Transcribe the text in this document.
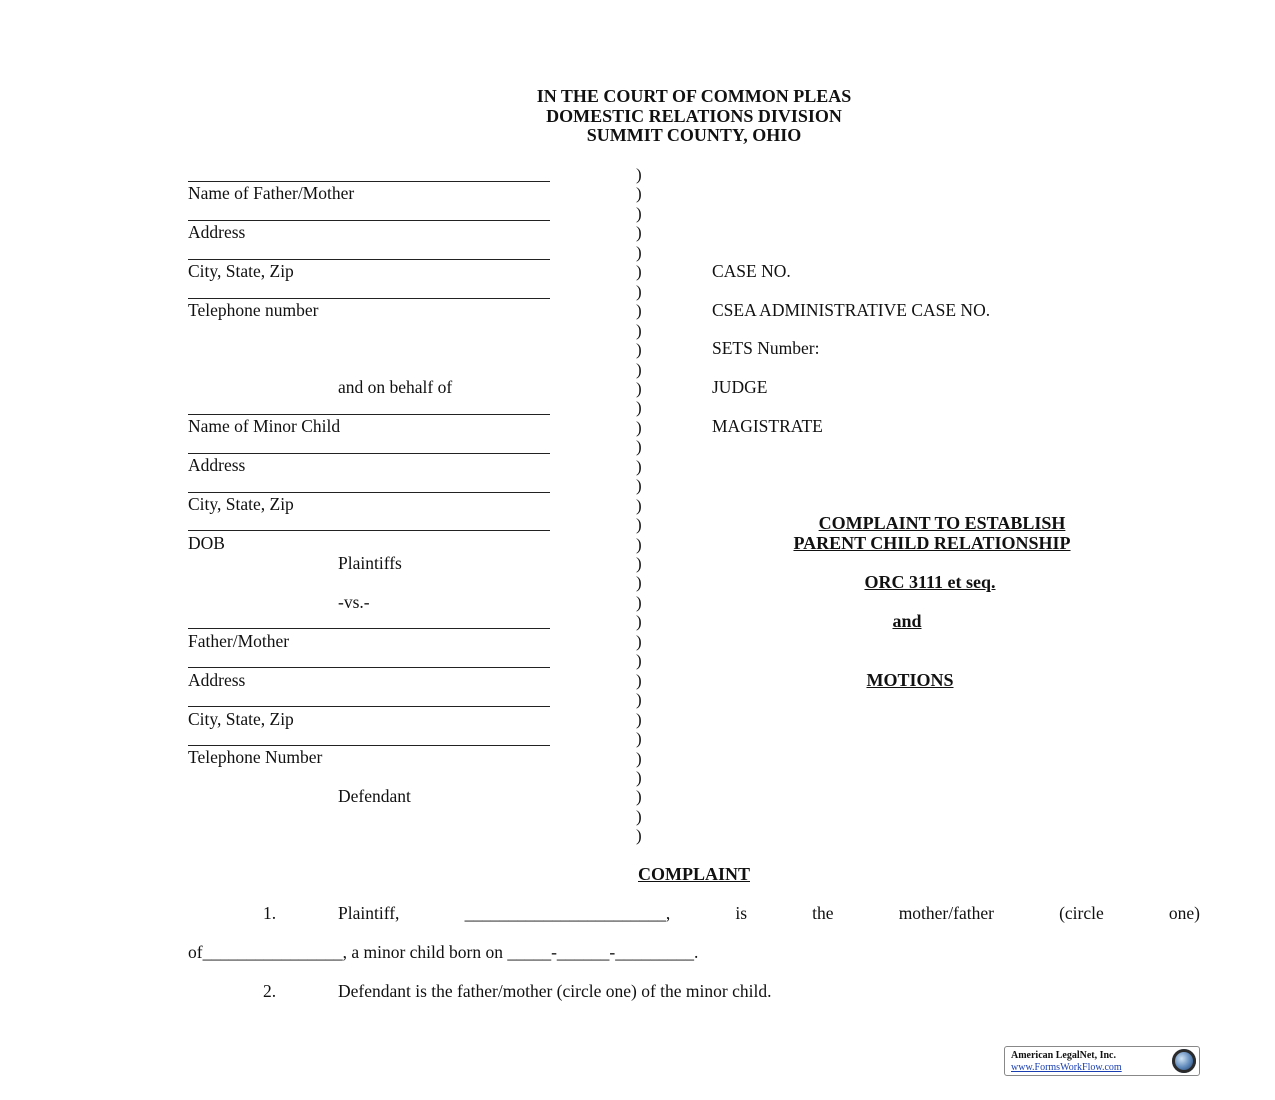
IN THE COURT OF COMMON PLEAS
DOMESTIC RELATIONS DIVISION
SUMMIT COUNTY, OHIO
Name of Father/Mother
Address
City, State, Zip
Telephone number
and on behalf of
Name of Minor Child
Address
City, State, Zip
DOB
Plaintiffs
-vs.-
Father/Mother
Address
City, State, Zip
Telephone Number
Defendant
)
)
)
)
)
)
)
)
)
)
)
)
)
)
)
)
)
)
)
)
)
)
)
)
)
)
)
)
)
)
)
)
)
)
)
CASE NO.
CSEA ADMINISTRATIVE CASE NO.
SETS Number:
JUDGE
MAGISTRATE
COMPLAINT TO ESTABLISH
PARENT CHILD RELATIONSHIP
ORC 3111 et seq.
and
MOTIONS
COMPLAINT
1.	Plaintiff,	_______________________,	is	the	mother/father	(circle	one)
of________________, a minor child born on _____-______-_________.
2.	Defendant is the father/mother (circle one) of the minor child.
American LegalNet, Inc.
www.FormsWorkFlow.com
